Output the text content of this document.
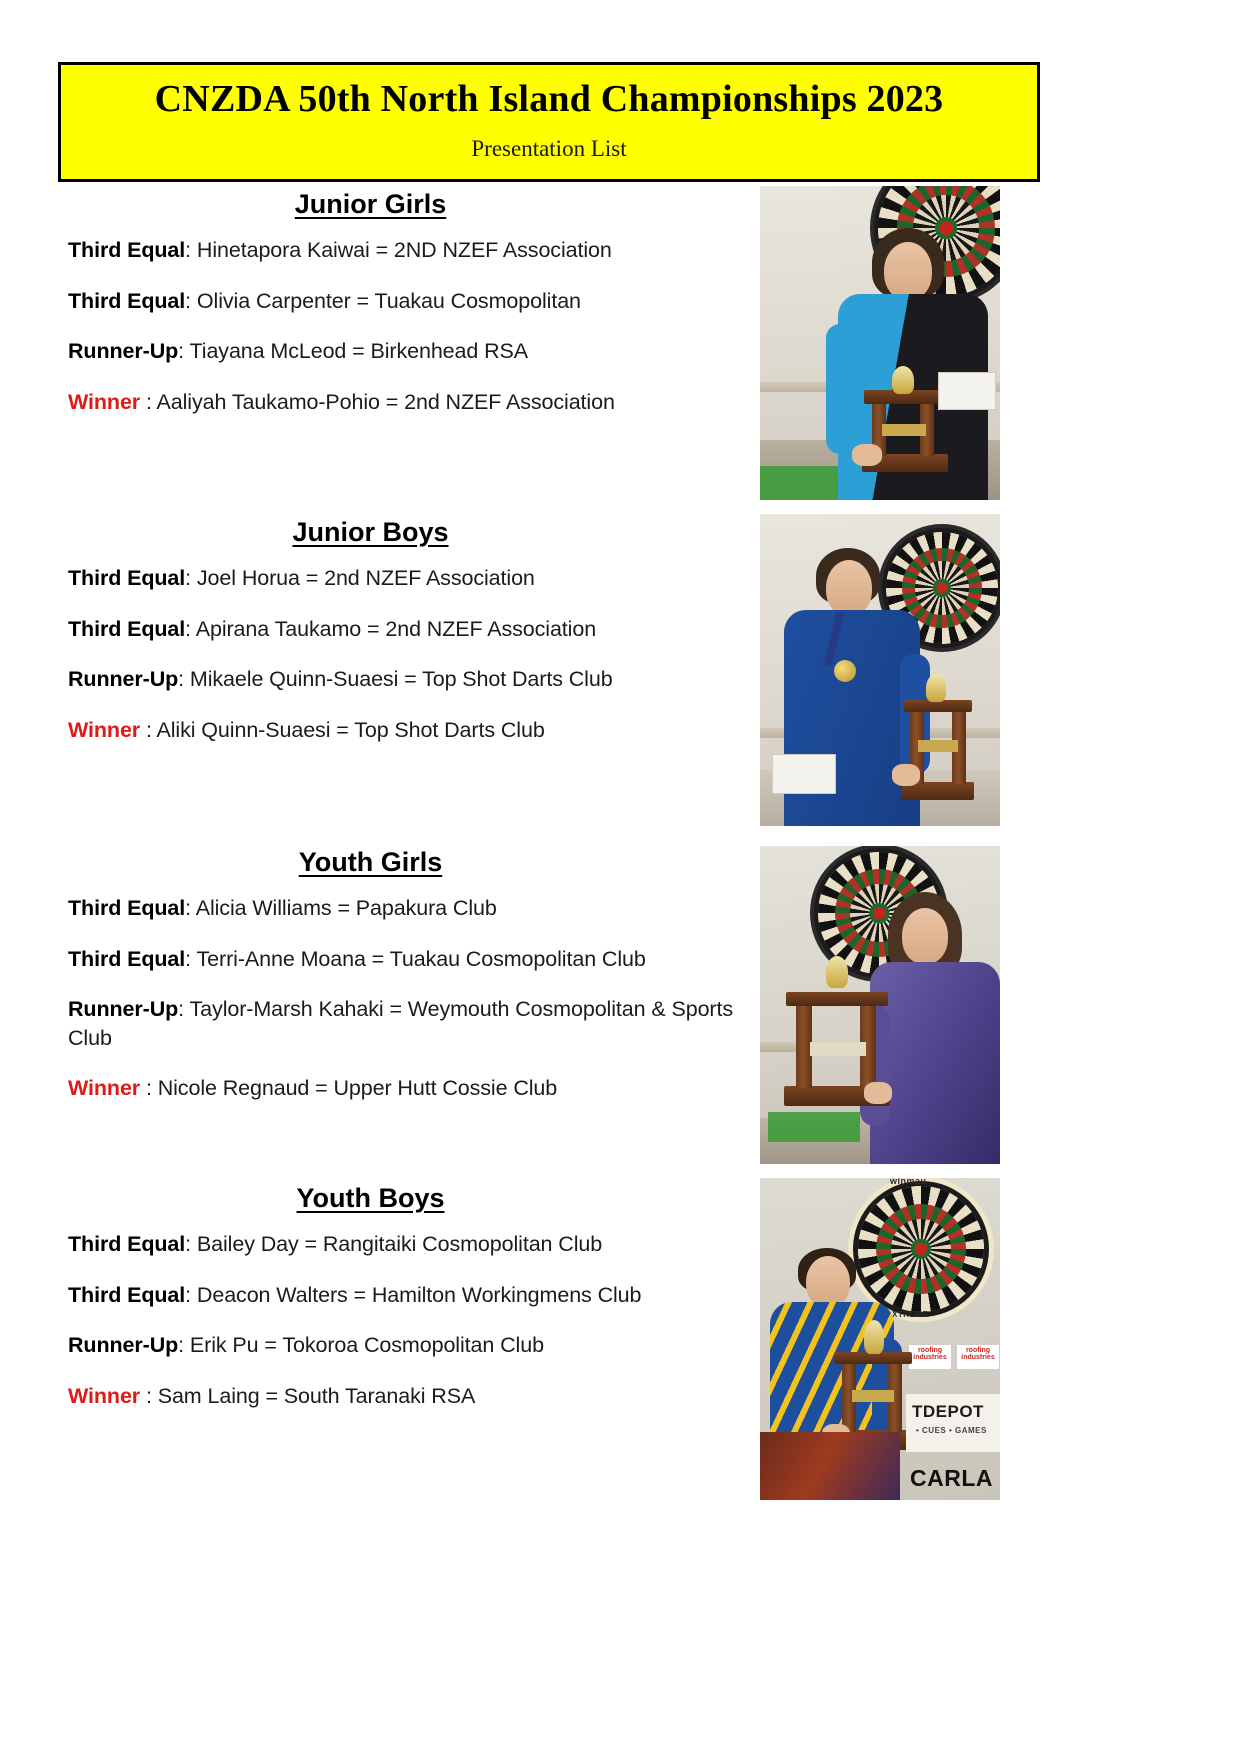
CNZDA 50th North Island Championships 2023
Presentation List
Junior Girls

Third Equal: Hinetapora Kaiwai = 2ND NZEF Association

Third Equal: Olivia Carpenter = Tuakau Cosmopolitan

Runner-Up: Tiayana McLeod = Birkenhead RSA

Winner : Aaliyah Taukamo-Pohio = 2nd NZEF Association

Junior Boys

Third Equal: Joel Horua = 2nd NZEF Association

Third Equal: Apirana Taukamo = 2nd NZEF Association

Runner-Up: Mikaele Quinn-Suaesi = Top Shot Darts Club

Winner : Aliki Quinn-Suaesi = Top Shot Darts Club

Youth Girls

Third Equal: Alicia Williams = Papakura Club

Third Equal: Terri-Anne Moana = Tuakau Cosmopolitan Club

Runner-Up: Taylor-Marsh Kahaki = Weymouth Cosmopolitan & Sports Club

Winner : Nicole Regnaud = Upper Hutt Cossie Club

Youth Boys

Third Equal: Bailey Day = Rangitaiki Cosmopolitan Club

Third Equal: Deacon Walters = Hamilton Workingmens Club

Runner-Up: Erik Pu = Tokoroa Cosmopolitan Club

Winner : Sam Laing = South Taranaki RSA

winmau
XTREME
roofing
industries
roofing
industries
TDEPOT
• CUES • GAMES
CARLA
